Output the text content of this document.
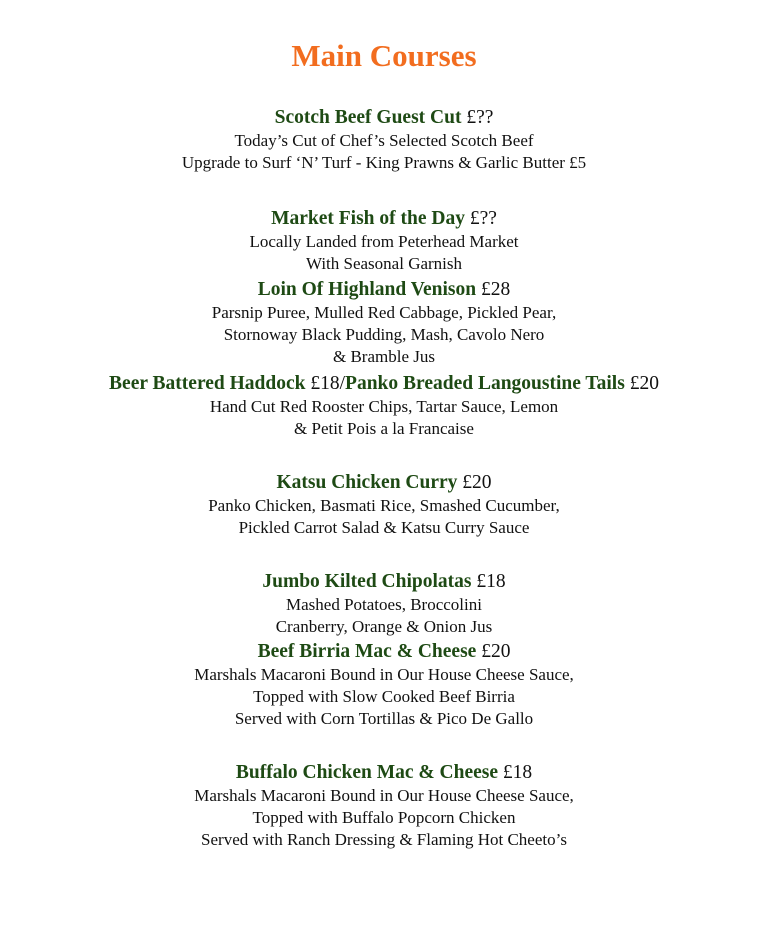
Main Courses
Scotch Beef Guest Cut £??
Today’s Cut of Chef’s Selected Scotch Beef
Upgrade to Surf ‘N’ Turf - King Prawns & Garlic Butter £5
Market Fish of the Day £??
Locally Landed from Peterhead Market
With Seasonal Garnish
Loin Of Highland Venison £28
Parsnip Puree, Mulled Red Cabbage, Pickled Pear,
Stornoway Black Pudding, Mash, Cavolo Nero
& Bramble Jus
Beer Battered Haddock £18/Panko Breaded Langoustine Tails £20
Hand Cut Red Rooster Chips, Tartar Sauce, Lemon
& Petit Pois a la Francaise
Katsu Chicken Curry £20
Panko Chicken, Basmati Rice, Smashed Cucumber,
Pickled Carrot Salad & Katsu Curry Sauce
Jumbo Kilted Chipolatas £18
Mashed Potatoes, Broccolini
Cranberry, Orange & Onion Jus
Beef Birria Mac & Cheese £20
Marshals Macaroni Bound in Our House Cheese Sauce,
Topped with Slow Cooked Beef Birria
Served with Corn Tortillas & Pico De Gallo
Buffalo Chicken Mac & Cheese £18
Marshals Macaroni Bound in Our House Cheese Sauce,
Topped with Buffalo Popcorn Chicken
Served with Ranch Dressing & Flaming Hot Cheeto’s
